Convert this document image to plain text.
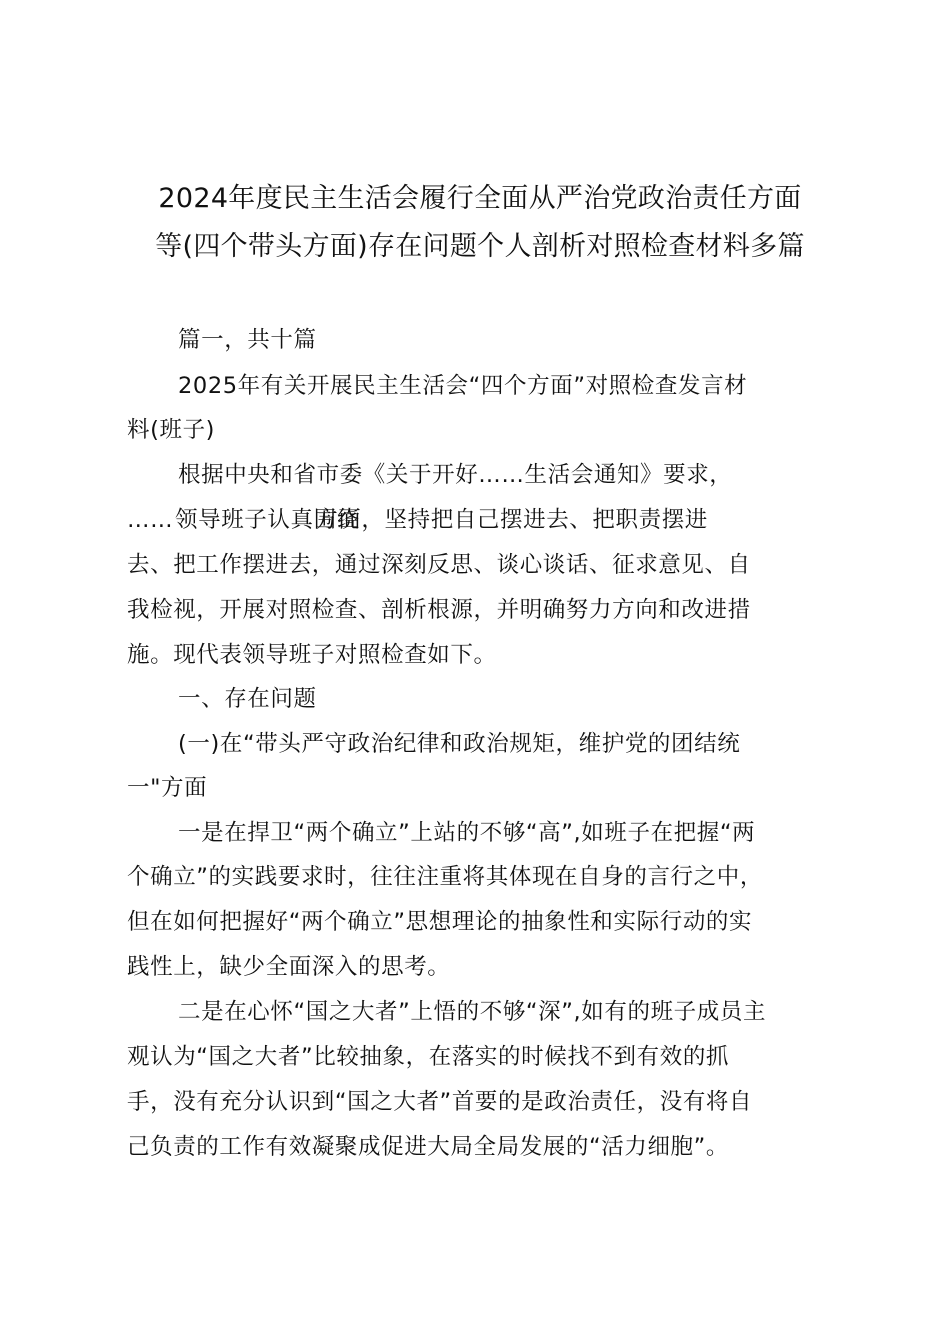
2024年度民主生活会履行全面从严治党政治责任方面
等(四个带头方面)存在问题个人剖析对照检查材料多篇
篇一，共十篇
2025年有关开展民主生活会“四个方面”对照检查发言材
料(班子)
根据中央和省市委《关于开好……生活会通知》要求，
……	方面，坚持把自己摆进去、把职责摆进
领导班子认真围绕
去、把工作摆进去，通过深刻反思、谈心谈话、征求意见、自
我检视，开展对照检查、剖析根源，并明确努力方向和改进措
施。现代表领导班子对照检查如下。
一、存在问题
(一)在“带头严守政治纪律和政治规矩，维护党的团结统
一"方面
一是在捍卫“两个确立”上站的不够“高”,如班子在把握“两
个确立”的实践要求时，往往注重将其体现在自身的言行之中，
但在如何把握好“两个确立”思想理论的抽象性和实际行动的实
践性上，缺少全面深入的思考。
二是在心怀“国之大者”上悟的不够“深”,如有的班子成员主
观认为“国之大者”比较抽象，在落实的时候找不到有效的抓
手，没有充分认识到“国之大者”首要的是政治责任，没有将自
己负责的工作有效凝聚成促进大局全局发展的“活力细胞”。
